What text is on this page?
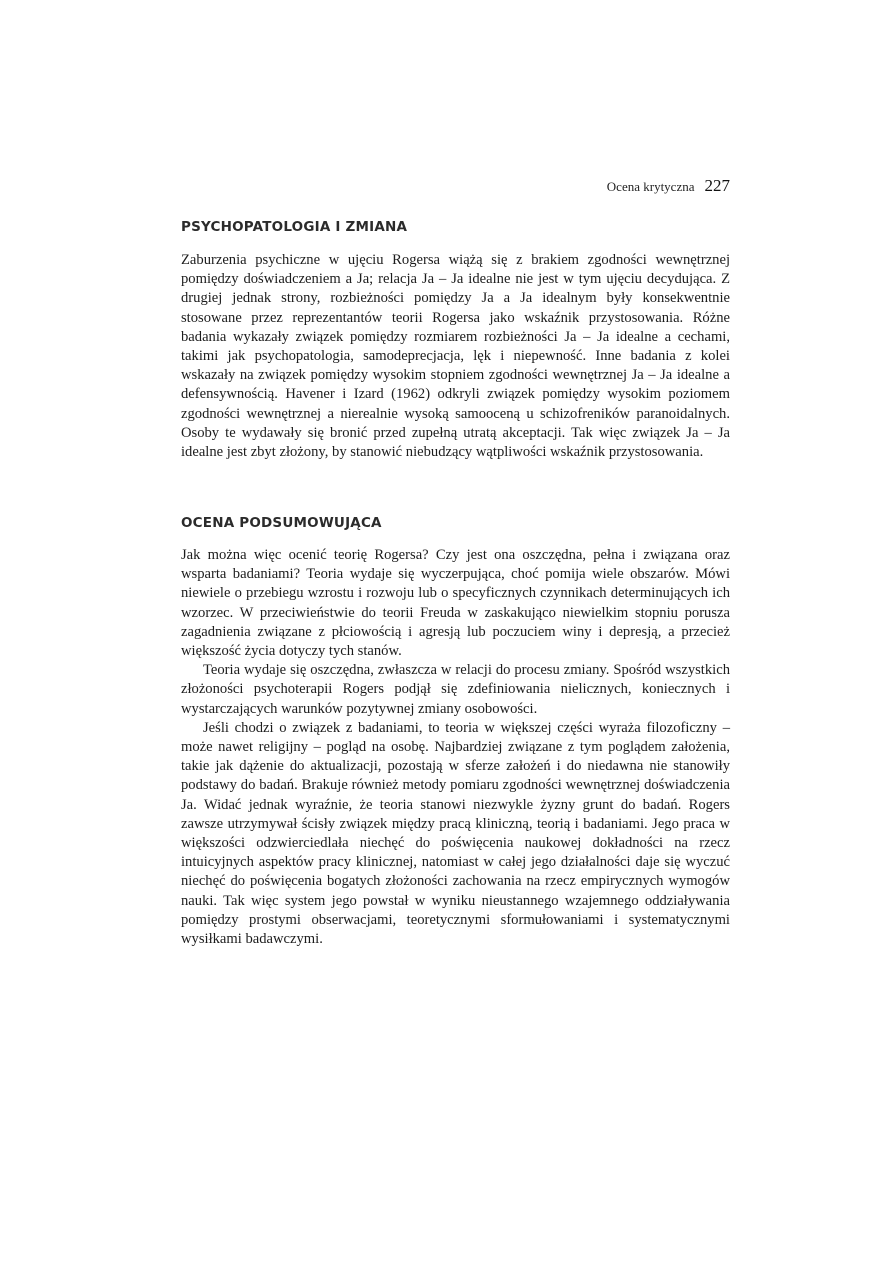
Ocena krytyczna 227
PSYCHOPATOLOGIA I ZMIANA

Zaburzenia psychiczne w ujęciu Rogersa wiążą się z brakiem zgodności wewnętrznej pomiędzy doświadczeniem a Ja; relacja Ja – Ja idealne nie jest w tym ujęciu decydująca. Z drugiej jednak strony, rozbieżności pomiędzy Ja a Ja idealnym były konsekwentnie stosowane przez reprezentantów teorii Rogersa jako wskaźnik przystosowania. Różne badania wykazały związek pomiędzy rozmiarem rozbieżności Ja – Ja idealne a cechami, takimi jak psychopatologia, samodeprecjacja, lęk i niepewność. Inne badania z kolei wskazały na związek pomiędzy wysokim stopniem zgodności wewnętrznej Ja – Ja idealne a defensywnością. Havener i Izard (1962) odkryli związek pomiędzy wysokim poziomem zgodności wewnętrznej a nierealnie wysoką samooceną u schizofreników paranoidalnych. Osoby te wydawały się bronić przed zupełną utratą akceptacji. Tak więc związek Ja – Ja idealne jest zbyt złożony, by stanowić niebudzący wątpliwości wskaźnik przystosowania.

OCENA PODSUMOWUJĄCA

Jak można więc ocenić teorię Rogersa? Czy jest ona oszczędna, pełna i związana oraz wsparta badaniami? Teoria wydaje się wyczerpująca, choć pomija wiele obszarów. Mówi niewiele o przebiegu wzrostu i rozwoju lub o specyficznych czynnikach determinujących ich wzorzec. W przeciwieństwie do teorii Freuda w zaskakująco niewielkim stopniu porusza zagadnienia związane z płciowością i agresją lub poczuciem winy i depresją, a przecież większość życia dotyczy tych stanów.

Teoria wydaje się oszczędna, zwłaszcza w relacji do procesu zmiany. Spośród wszystkich złożoności psychoterapii Rogers podjął się zdefiniowania nielicznych, koniecznych i wystarczających warunków pozytywnej zmiany osobowości.

Jeśli chodzi o związek z badaniami, to teoria w większej części wyraża filozoficzny – może nawet religijny – pogląd na osobę. Najbardziej związane z tym poglądem założenia, takie jak dążenie do aktualizacji, pozostają w sferze założeń i do niedawna nie stanowiły podstawy do badań. Brakuje również metody pomiaru zgodności wewnętrznej doświadczenia Ja. Widać jednak wyraźnie, że teoria stanowi niezwykle żyzny grunt do badań. Rogers zawsze utrzymywał ścisły związek między pracą kliniczną, teorią i badaniami. Jego praca w większości odzwierciedlała niechęć do poświęcenia naukowej dokładności na rzecz intuicyjnych aspektów pracy klinicznej, natomiast w całej jego działalności daje się wyczuć niechęć do poświęcenia bogatych złożoności zachowania na rzecz empirycznych wymogów nauki. Tak więc system jego powstał w wyniku nieustannego wzajemnego oddziaływania pomiędzy prostymi obserwacjami, teoretycznymi sformułowaniami i systematycznymi wysiłkami badawczymi.
